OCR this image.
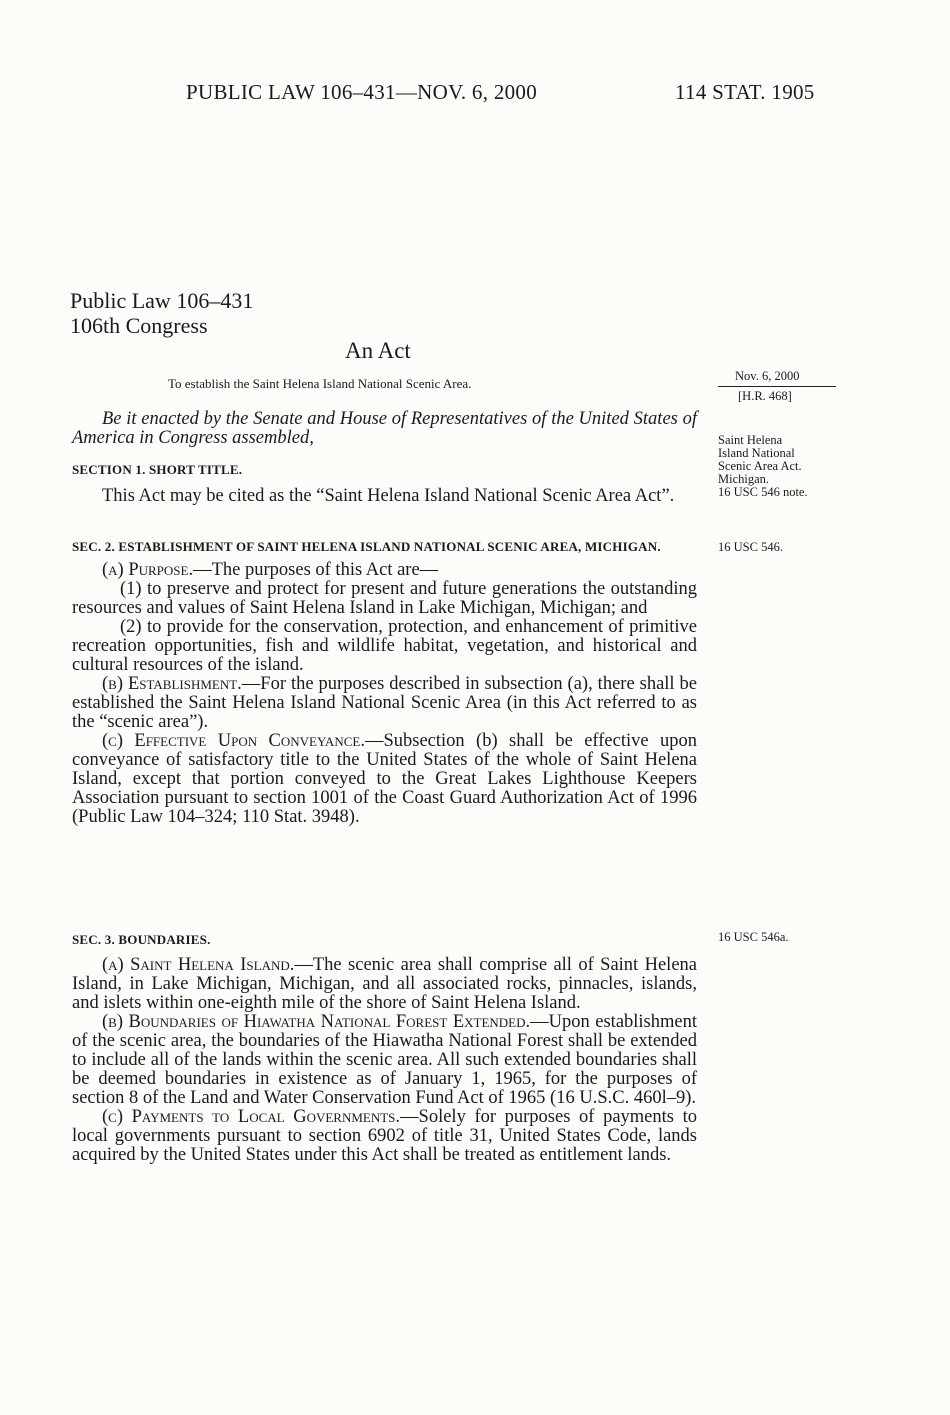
PUBLIC LAW 106–431—NOV. 6, 2000	114 STAT. 1905
Public Law 106–431
106th Congress
An Act
To establish the Saint Helena Island National Scenic Area.	Nov. 6, 2000
[H.R. 468]
Saint Helena
Island National
Scenic Area Act.
Michigan.
16 USC 546 note.
16 USC 546.
16 USC 546a.

Be it enacted by the Senate and House of Representatives of the United States of America in Congress assembled,

SECTION 1. SHORT TITLE.

This Act may be cited as the “Saint Helena Island National Scenic Area Act”.

SEC. 2. ESTABLISHMENT OF SAINT HELENA ISLAND NATIONAL SCENIC AREA, MICHIGAN.

(a) Purpose.—The purposes of this Act are—

(1) to preserve and protect for present and future generations the outstanding resources and values of Saint Helena Island in Lake Michigan, Michigan; and

(2) to provide for the conservation, protection, and enhancement of primitive recreation opportunities, fish and wildlife habitat, vegetation, and historical and cultural resources of the island.

(b) Establishment.—For the purposes described in subsection (a), there shall be established the Saint Helena Island National Scenic Area (in this Act referred to as the “scenic area”).

(c) Effective Upon Conveyance.—Subsection (b) shall be effective upon conveyance of satisfactory title to the United States of the whole of Saint Helena Island, except that portion conveyed to the Great Lakes Lighthouse Keepers Association pursuant to section 1001 of the Coast Guard Authorization Act of 1996 (Public Law 104–324; 110 Stat. 3948).

SEC. 3. BOUNDARIES.

(a) Saint Helena Island.—The scenic area shall comprise all of Saint Helena Island, in Lake Michigan, Michigan, and all associated rocks, pinnacles, islands, and islets within one-eighth mile of the shore of Saint Helena Island.

(b) Boundaries of Hiawatha National Forest Extended.—Upon establishment of the scenic area, the boundaries of the Hiawatha National Forest shall be extended to include all of the lands within the scenic area. All such extended boundaries shall be deemed boundaries in existence as of January 1, 1965, for the purposes of section 8 of the Land and Water Conservation Fund Act of 1965 (16 U.S.C. 460l–9).

(c) Payments to Local Governments.—Solely for purposes of payments to local governments pursuant to section 6902 of title 31, United States Code, lands acquired by the United States under this Act shall be treated as entitlement lands.
